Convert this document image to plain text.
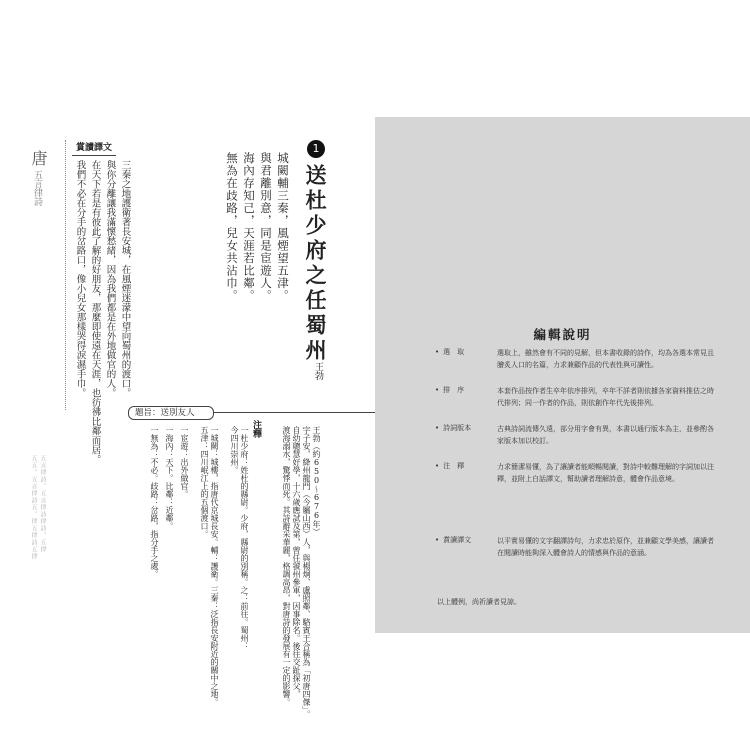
唐
五言律詩
五五。五言律詩五。律五律詩五律 五言律詩。五言律詩律詩。五律
賞讀譯文
三秦之地護衛著長安城，在風煙迷濛中望向蜀州的渡口。
與你分離讓我滿懷愁緒，因為我們都是在外地做官的人。
在天下若是有彼此了解的好朋友，那麼即使遠在天涯，也彷彿比鄰而居。
我們不必在分手的岔路口，像小兒女那樣哭得淚濕手巾。
1
送杜少府之任蜀州
王勃
城闕輔三秦，風煙望五津。
與君離別意，同是宦遊人。
海內存知己，天涯若比鄰。
無為在歧路，兒女共沾巾。
題旨：送別友人
注釋	王勃（約650～676年）
字子安，絳州龍門（今屬山西）人，與楊炯、盧照鄰、駱賓王合稱為「初唐四傑」。
自幼聰慧好學，十六歲應試及第，曾任虢州參軍，因事除名。後往交趾探父，
渡海溺水，驚悸而死。其詩辭采華麗，格調高昂，對唐詩的發展有一定的影響。
一杜少府：姓杜的縣尉。少府，縣尉的別稱。之：前往。蜀州：
今四川崇州。
一城闕：城樓，指唐代京城長安。輔：護衛。三秦：泛指長安附近的關中之地。
五津：四川岷江上的五個渡口。
一宦遊：出外做官。
一海內：天下。比鄰：近鄰。
一無為：不必。歧路：岔路，指分手之處。
編輯說明
• 選　取	選取上，雖然會有不同的見解，但本書收錄的詩作，均為各選本常見且膾炙人口的名篇，力求兼顧作品的代表性與可讀性。
• 排　序	本套作品按作者生卒年依序排列，卒年不詳者則依據各家資料推估之時代排列；同一作者的作品，則依創作年代先後排列。
• 詩詞版本	古典詩詞流傳久遠，部分用字會有異，本書以通行版本為主，並參酌各家版本加以校訂。
• 注　釋	力求簡潔易懂，為了讓讀者能順暢閱讀，對詩中較難理解的字詞加以注釋，並附上白話譯文，幫助讀者理解詩意，體會作品意境。
• 賞讀譯文	以平實易懂的文字翻譯詩句，力求忠於原作，並兼顧文學美感，讓讀者在閱讀時能夠深入體會詩人的情感與作品的意涵。
以上體例，尚祈讀者見諒。
